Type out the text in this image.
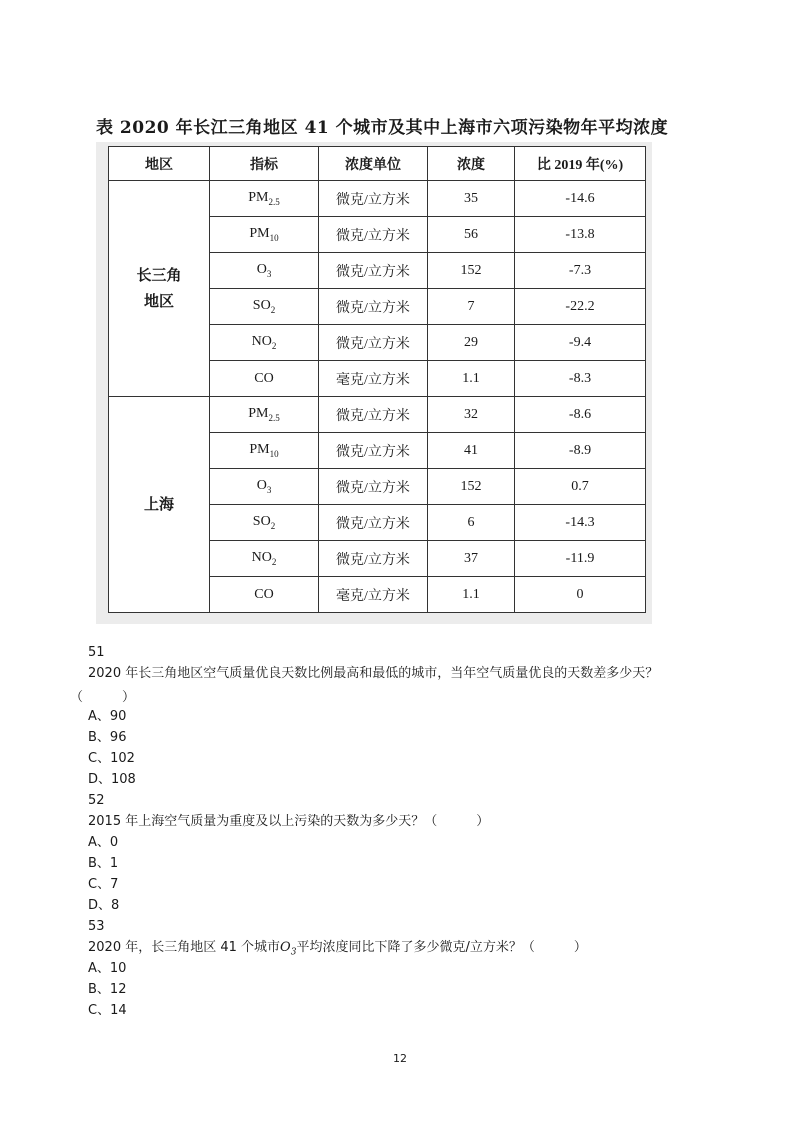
表 2020 年长江三角地区 41 个城市及其中上海市六项污染物年平均浓度
地区	指标	浓度单位	浓度	比 2019 年(%)

长三角
地区	$PM_{2.5}$	微克/立方米	35	-14.6
	$PM_{10}$	微克/立方米	56	-13.8
	$O_3$	微克/立方米	152	-7.3
	$SO_2$	微克/立方米	7	-22.2
	$NO_2$	微克/立方米	29	-9.4
	CO	毫克/立方米	1.1	-8.3

上海	$PM_{2.5}$	微克/立方米	32	-8.6
	$PM_{10}$	微克/立方米	41	-8.9
	$O_3$	微克/立方米	152	0.7
	$SO_2$	微克/立方米	6	-14.3
	$NO_2$	微克/立方米	37	-11.9
	CO	毫克/立方米	1.1	0
51
2020 年长三角地区空气质量优良天数比例最高和最低的城市，当年空气质量优良的天数差多少天？
（　　　）
A、90
B、96
C、102
D、108
52
2015 年上海空气质量为重度及以上污染的天数为多少天？（　　　）
A、0
B、1
C、7
D、8
53
2020 年，长三角地区 41 个城市$O_3$平均浓度同比下降了多少微克/立方米？（　　　）
A、10
B、12
C、14
12
